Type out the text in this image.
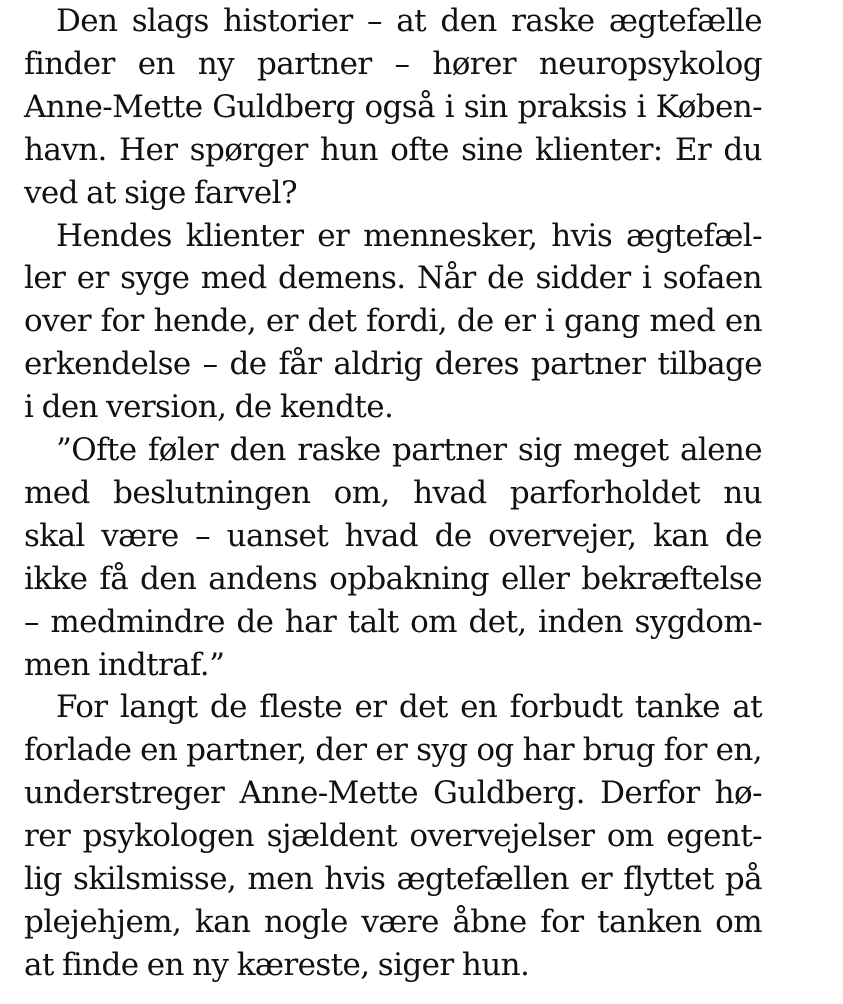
Den slags historier – at den raske ægtefælle
finder en ny partner – hører neuropsykolog
Anne-Mette Guldberg også i sin praksis i Køben-
havn. Her spørger hun ofte sine klienter: Er du
ved at sige farvel?
Hendes klienter er mennesker, hvis ægtefæl-
ler er syge med demens. Når de sidder i sofaen
over for hende, er det fordi, de er i gang med en
erkendelse – de får aldrig deres partner tilbage
i den version, de kendte.
”Ofte føler den raske partner sig meget alene
med beslutningen om, hvad parforholdet nu
skal være – uanset hvad de overvejer, kan de
ikke få den andens opbakning eller bekræftelse
– medmindre de har talt om det, inden sygdom-
men indtraf.”
For langt de fleste er det en forbudt tanke at
forlade en partner, der er syg og har brug for en,
understreger Anne-Mette Guldberg. Derfor hø-
rer psykologen sjældent overvejelser om egent-
lig skilsmisse, men hvis ægtefællen er flyttet på
plejehjem, kan nogle være åbne for tanken om
at finde en ny kæreste, siger hun.
